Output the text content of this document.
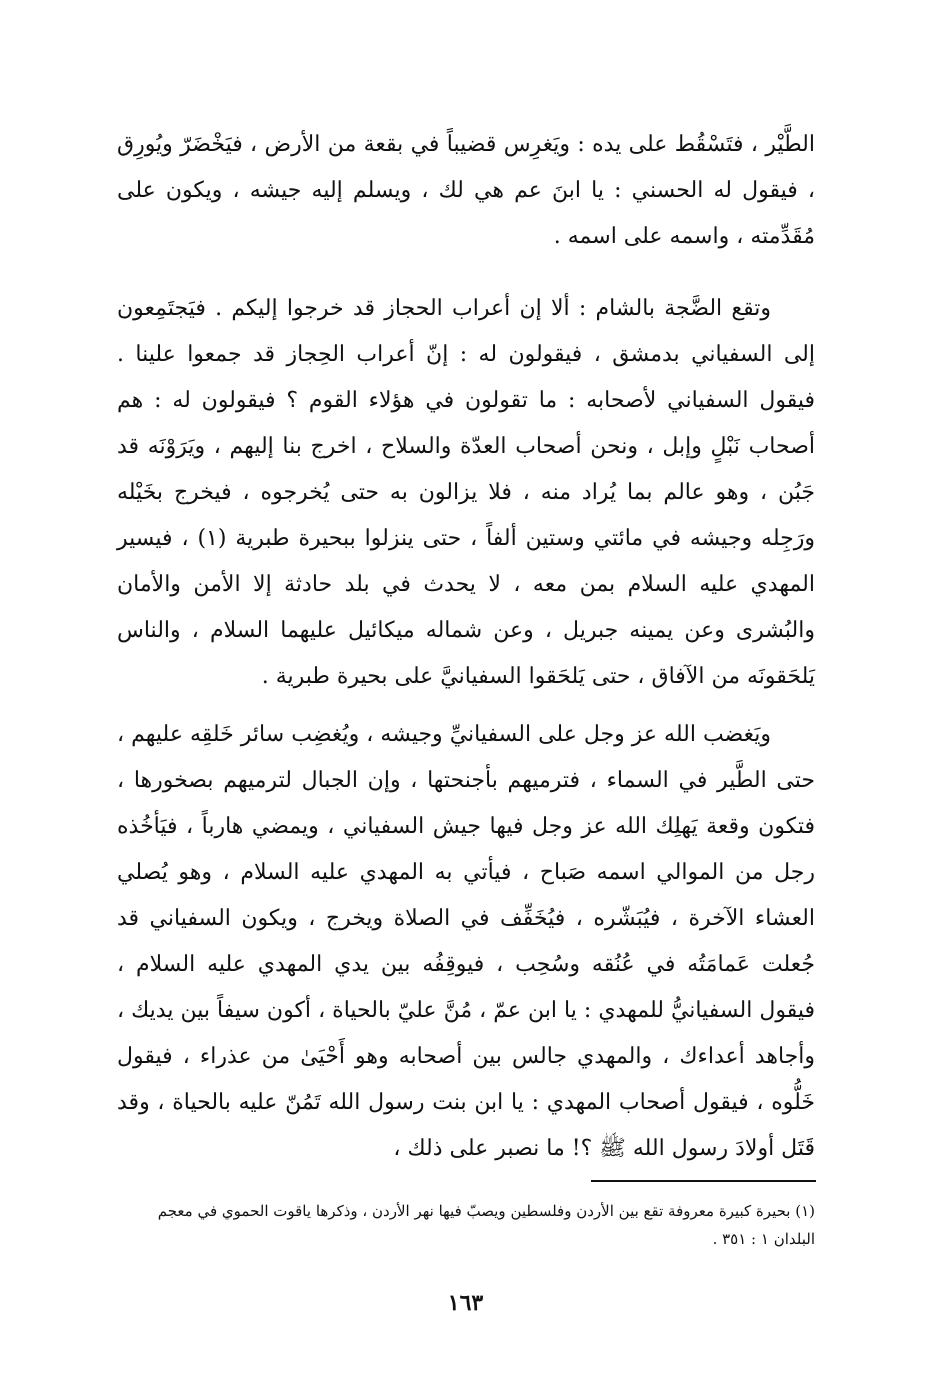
الطَّيْر ، فتَسْقُط على يده : ويَغرِس قضيباً في بقعة من الأرض ، فيَخْضَرّ ويُورِق ، فيقول له الحسني : يا ابنَ عم هي لك ، ويسلم إليه جيشه ، ويكون على مُقَدِّمته ، واسمه على اسمه .

وتقع الضَّجة بالشام : ألا إن أعراب الحجاز قد خرجوا إليكم . فيَجتَمِعون إلى السفياني بدمشق ، فيقولون له : إنّ أعراب الحِجاز قد جمعوا علينا . فيقول السفياني لأصحابه : ما تقولون في هؤلاء القوم ؟ فيقولون له : هم أصحاب نَبْلٍ وإبل ، ونحن أصحاب العدّة والسلاح ، اخرج بنا إليهم ، ويَرَوْنَه قد جَبُن ، وهو عالم بما يُراد منه ، فلا يزالون به حتى يُخرجوه ، فيخرج بخَيْله ورَجِله وجيشه في مائتي وستين ألفاً ، حتى ينزلوا ببحيرة طبرية (١) ، فيسير المهدي عليه السلام بمن معه ، لا يحدث في بلد حادثة إلا الأمن والأمان والبُشرى وعن يمينه جبريل ، وعن شماله ميكائيل عليهما السلام ، والناس يَلحَقونَه من الآفاق ، حتى يَلحَقوا السفيانيَّ على بحيرة طبرية .

ويَغضب الله عز وجل على السفيانيِّ وجيشه ، ويُغضِب سائر خَلقِه عليهم ، حتى الطَّير في السماء ، فترميهم بأجنحتها ، وإن الجبال لترميهم بصخورها ، فتكون وقعة يَهلِك الله عز وجل فيها جيش السفياني ، ويمضي هارباً ، فيَأخُذه رجل من الموالي اسمه صَباح ، فيأتي به المهدي عليه السلام ، وهو يُصلي العشاء الآخرة ، فيُبَشّره ، فيُخَفِّف في الصلاة ويخرج ، ويكون السفياني قد جُعلت عَمامَتُه في عُنُقه وسُحِب ، فيوقِفُه بين يدي المهدي عليه السلام ، فيقول السفيانيُّ للمهدي : يا ابن عمّ ، مُنَّ عليّ بالحياة ، أكون سيفاً بين يديك ، وأجاهد أعداءك ، والمهدي جالس بين أصحابه وهو أَحْيَىٰ من عذراء ، فيقول خَلُّوه ، فيقول أصحاب المهدي : يا ابن بنت رسول الله تَمُنّ عليه بالحياة ، وقد قَتَل أولادَ رسول الله ﷺ ؟! ما نصبر على ذلك ،

(١) بحيرة كبيرة معروفة تقع بين الأردن وفلسطين ويصبّ فيها نهر الأردن ، وذكرها ياقوت الحموي في معجم البلدان ١ : ٣٥١ .

١٦٣
